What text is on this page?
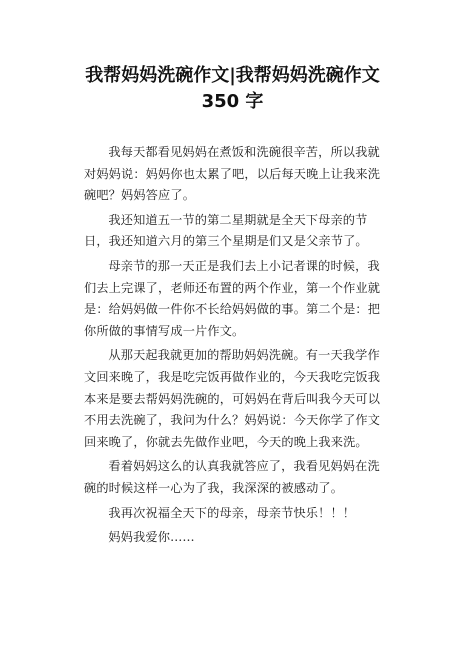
我帮妈妈洗碗作文|我帮妈妈洗碗作文
350 字

我每天都看见妈妈在煮饭和洗碗很辛苦，所以我就对妈妈说：妈妈你也太累了吧，以后每天晚上让我来洗碗吧？妈妈答应了。

我还知道五一节的第二星期就是全天下母亲的节日，我还知道六月的第三个星期是们又是父亲节了。

母亲节的那一天正是我们去上小记者课的时候，我们去上完课了，老师还布置的两个作业，第一个作业就是：给妈妈做一件你不长给妈妈做的事。第二个是：把你所做的事情写成一片作文。

从那天起我就更加的帮助妈妈洗碗。有一天我学作文回来晚了，我是吃完饭再做作业的，今天我吃完饭我本来是要去帮妈妈洗碗的，可妈妈在背后叫我今天可以不用去洗碗了，我问为什么？妈妈说：今天你学了作文回来晚了，你就去先做作业吧，今天的晚上我来洗。

看着妈妈这么的认真我就答应了，我看见妈妈在洗碗的时候这样一心为了我，我深深的被感动了。

我再次祝福全天下的母亲，母亲节快乐！！！

妈妈我爱你……
